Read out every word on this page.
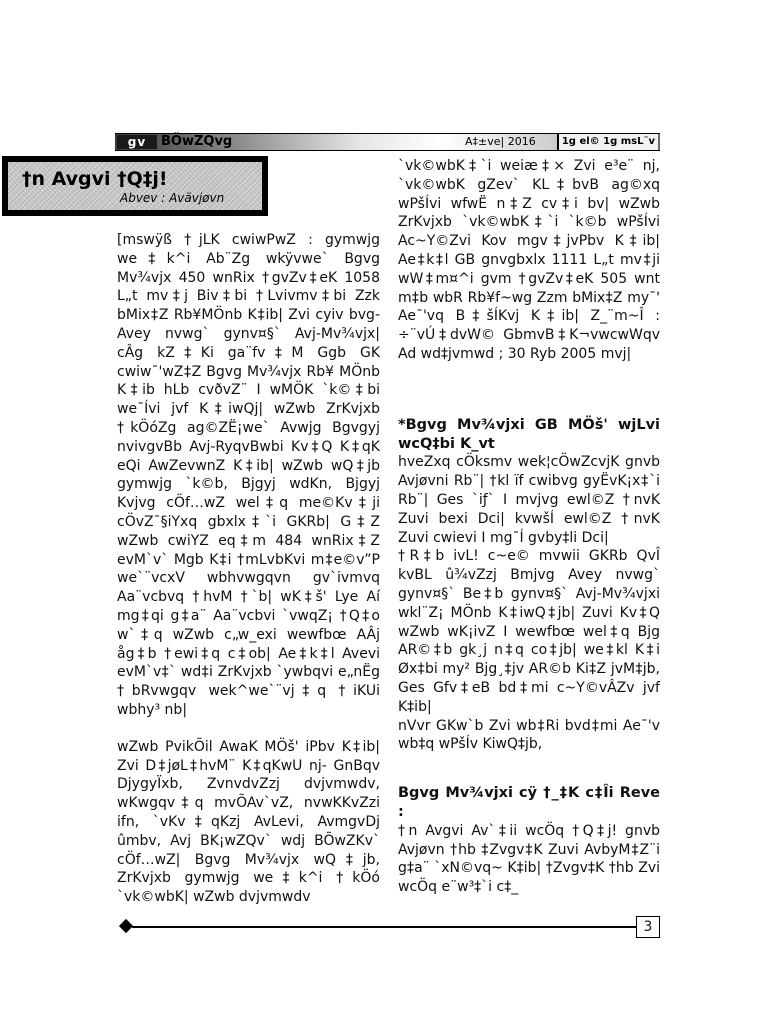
gv	BÖwZQvg	A‡±ve| 2016	1g el© 1g msL¨v
†n Avgvi †Q‡j!
Abvev : Avävjøvn

[mswÿß †jLK cwiwPwZ : gymwjg we‡k^i Ab¨Zg wkÿvwe` Bgvg Mv¾vjx 450 wnRix †gvZv‡eK 1058 L„t mv‡j Biv‡bi †Lvivmv‡bi Zzk bMix‡Z Rb¥MÖnb K‡ib| Zvi cyiv bvg- Avey nvwg` gynv¤§` Avj-Mv¾vjx| cÂg kZ‡Ki ga¨fv‡M Ggb GK cwiw¯'wZ‡Z Bgvg Mv¾vjx Rb¥ MÖnb K‡ib hLb cvðvZ¨ I wMÖK `k©‡bi we¯Ívi jvf K‡iwQj| wZwb ZrKvjxb †kÖóZg ag©ZË¡we` Avwjg Bgvgyj nvivgvBb Avj-RyqvBwbi Kv‡Q K‡qK eQi AwZevwnZ K‡ib| wZwb wQ‡jb gymwjg `k©b, Bjgyj wdKn, Bjgyj Kvjvg cÖf…wZ wel‡q me©Kv‡ji cÖvZ¯§iYxq gbxlx‡`i GKRb| G‡Z wZwb cwiYZ eq‡m 484 wnRix‡Z evM`v` Mgb K‡i †mLvbKvi m‡e©v”P we`¨vcxV wbhvwgqvn gv`ivmvq Aa¨vcbvq †hvM †`b| wK‡š' Lye Aí mg‡qi g‡a¨ Aa¨vcbvi `vwqZ¡ †Q‡o w`‡q wZwb c„w_exi wewfbœ AÂj åg‡b †ewi‡q c‡ob| Ae‡k‡l Avevi evM`v‡` wd‡i ZrKvjxb `ywbqvi e„nËg †bRvwgqv wek^we`¨vj‡q †iKUi wbhy³ nb|

wZwb PvikÕil AwaK MÖš' iPbv K‡ib| Zvi D‡jøL‡hvM¨ K‡qKwU nj- GnBqv DjygyÏxb, ZvnvdvZzj dvjvmwdv, wKwgqv‡q mvÕAv`vZ, nvwKKvZzi ifn, `vKv‡qKzj AvLevi, AvmgvDj ûmbv, Avj BK¡wZQv` wdj BÕwZKv` cÖf…wZ| Bgvg Mv¾vjx wQ‡jb, ZrKvjxb gymwjg we‡k^i †kÖó `vk©wbK| wZwb dvjvmwdv

`vk©wbK‡`i weiæ‡× Zvi e³e¨ nj, `vk©wbK gZev` KL‡bvB ag©xq wPšÍvi wfwË n‡Z cv‡i bv| wZwb ZrKvjxb `vk©wbK‡`i `k©b wPšÍvi Ac~Y©Zvi Kov mgv‡jvPbv K‡ib| Ae‡k‡l GB gnvgbxlx 1111 L„t mv‡ji wW‡m¤^i gvm †gvZv‡eK 505 wnt m‡b wbR Rb¥f~wg Zzm bMix‡Z my¯' Ae¯'vq B‡šÍKvj K‡ib| Z_¨m~Î : ÷¨vÚ‡dvW© GbmvB‡K¬vwcwWqv Ad wd‡jvmwd ; 30 Ryb 2005 mvj|

*Bgvg Mv¾vjxi GB MÖš' wjLvi wcQ‡bi K_vt

hveZxq cÖksmv wek¦cÖwZcvjK gnvb Avjøvni Rb¨| †kl ïf cwibvg gyËvK¡x‡`i Rb¨| Ges `iƒ` I mvjvg ewl©Z †nvK Zuvi bexi Dci| kvwšÍ ewl©Z †nvK Zuvi cwievi I mg¯Í gvby‡li Dci|

†R‡b ivL! c~e© mvwii GKRb QvÎ kvBL û¾vZzj Bmjvg Avey nvwg` gynv¤§` Be‡b gynv¤§` Avj-Mv¾vjxi wkl¨Z¡ MÖnb K‡iwQ‡jb| Zuvi Kv‡Q wZwb wK¡ivZ I wewfbœ wel‡q Bjg AR©‡b gk¸j n‡q co‡jb| we‡kl K‡i Øx‡bi my² Bjg¸‡jv AR©b Ki‡Z jvM‡jb, Ges Gfv‡eB bd‡mi c~Y©vÂZv jvf K‡ib|

nVvr GKw`b Zvi wb‡Ri bvd‡mi Ae¯'v wb‡q wPšÍv KiwQ‡jb,

Bgvg Mv¾vjxi cÿ †_‡K c‡Îi Reve :

†n Avgvi Av`‡ii wcÖq †Q‡j! gnvb Avjøvn †hb ‡Zvgv‡K Zuvi AvbyM‡Z¨i g‡a¨ `xN©vq~ K‡ib| †Zvgv‡K †hb Zvi wcÖq e¨w³‡`i c‡_

3
